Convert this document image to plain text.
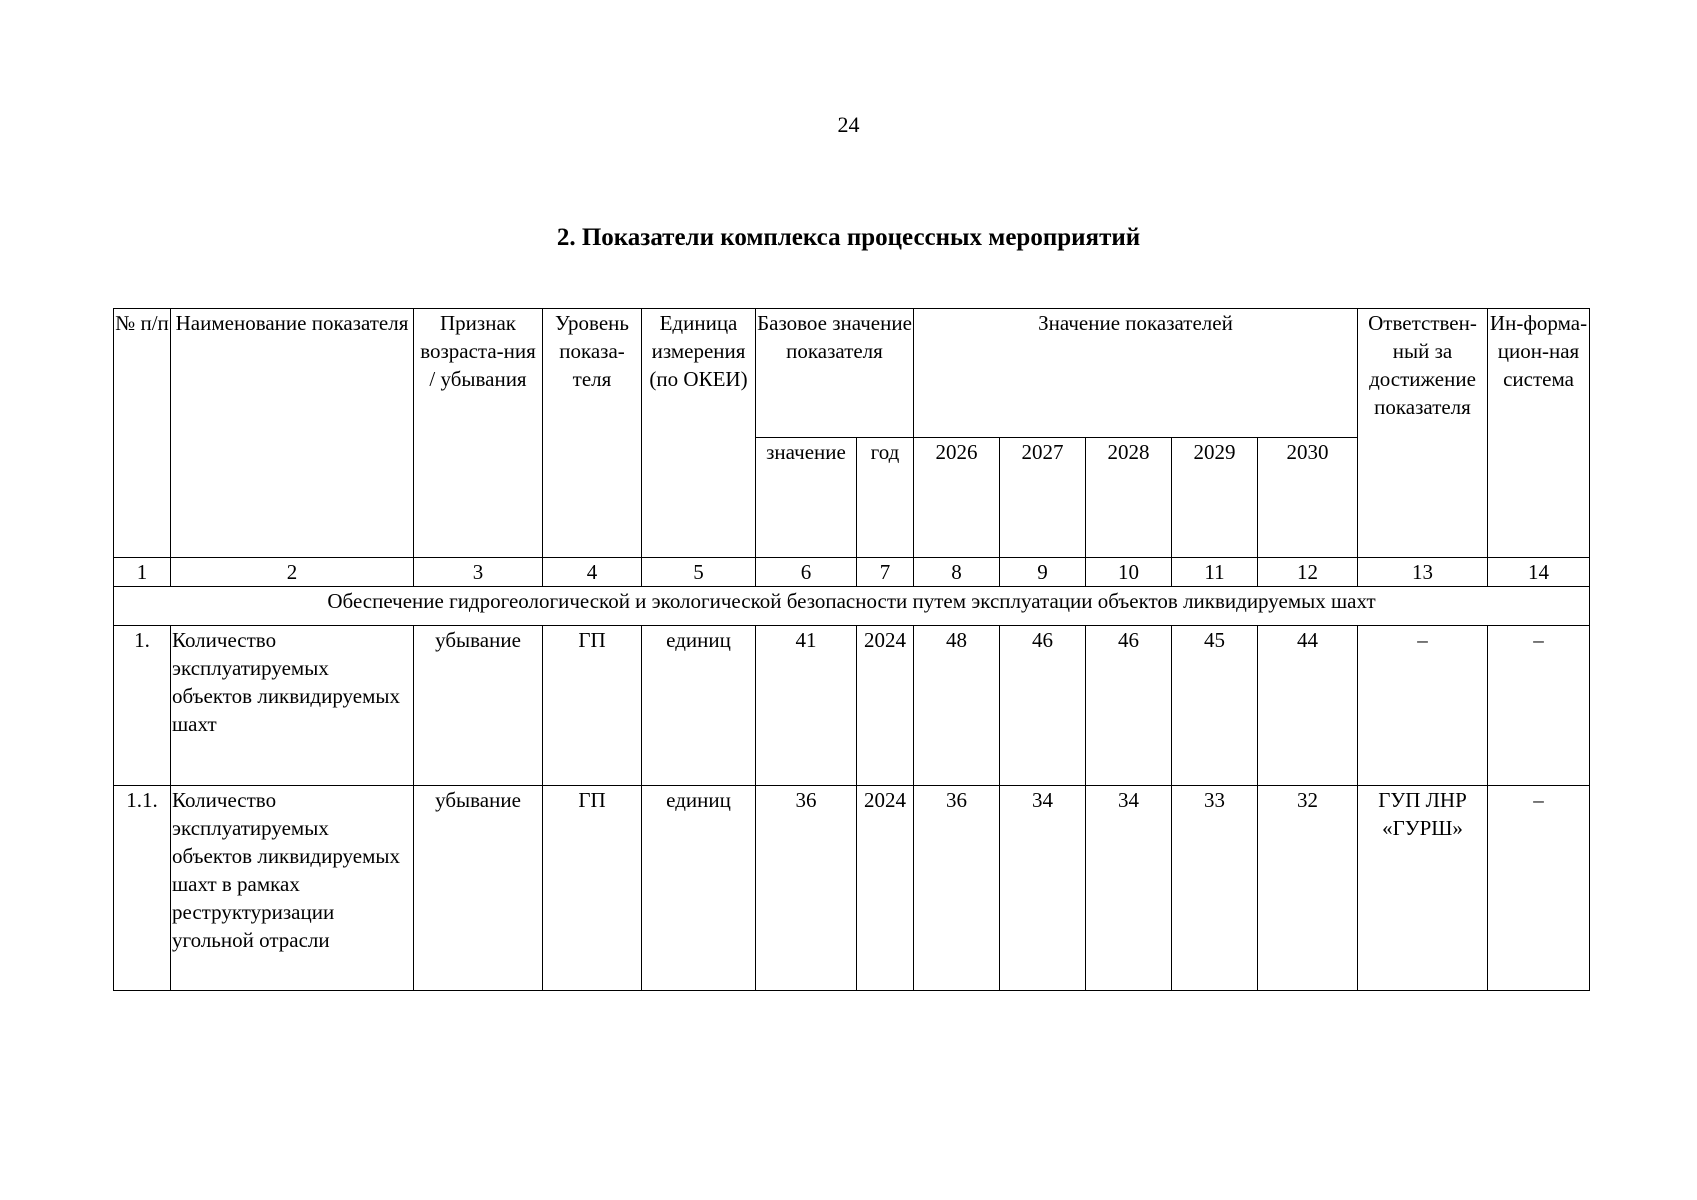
24
2. Показатели комплекса процессных мероприятий
№ п/п	Наименование показателя	Признак возраста-ния / убывания	Уровень показа-теля	Единица измерения (по ОКЕИ)	Базовое значение показателя		Значение показателей					Ответствен-ный за достижение показателя	Ин-форма-цион-ная система
					значение	год	2026	2027	2028	2029	2030		
1	2	3	4	5	6	7	8	9	10	11	12	13	14
Обеспечение гидрогеологической и экологической безопасности путем эксплуатации объектов ликвидируемых шахт													
1.	Количество эксплуатируемых объектов ликвидируемых шахт	убывание	ГП	единиц	41	2024	48	46	46	45	44	–	–
1.1.	Количество эксплуатируемых объектов ликвидируемых шахт в рамках реструктуризации угольной отрасли	убывание	ГП	единиц	36	2024	36	34	34	33	32	ГУП ЛНР «ГУРШ»	–
